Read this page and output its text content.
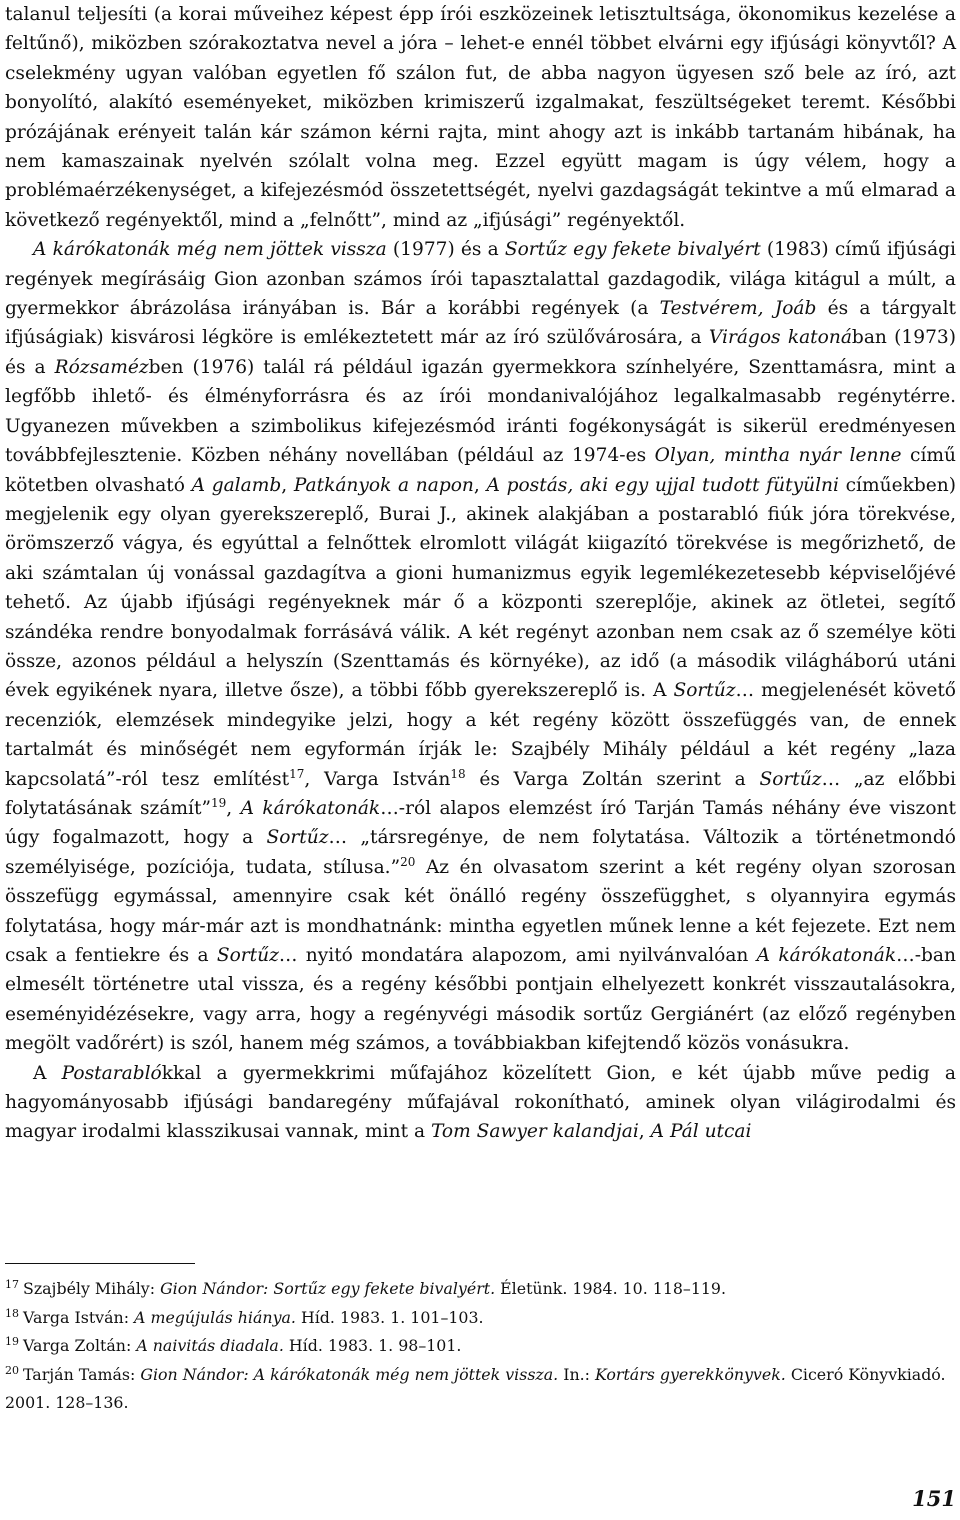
talanul teljesíti (a korai műveihez képest épp írói eszközeinek letisztultsága, ökonomikus kezelése a feltűnő), miközben szórakoztatva nevel a jóra – lehet-e ennél többet elvárni egy ifjúsági könyvtől? A cselekmény ugyan valóban egyetlen fő szálon fut, de abba nagyon ügyesen sző bele az író, azt bonyolító, alakító eseményeket, miközben krimiszerű izgalmakat, feszültségeket teremt. Későbbi prózájának erényeit talán kár számon kérni rajta, mint ahogy azt is inkább tartanám hibának, ha nem kamaszainak nyelvén szólalt volna meg. Ezzel együtt magam is úgy vélem, hogy a problémaérzékenységet, a kifejezésmód összetettségét, nyelvi gazdagságát tekintve a mű elmarad a következő regényektől, mind a „felnőtt”, mind az „ifjúsági” regényektől.

A kárókatonák még nem jöttek vissza (1977) és a Sortűz egy fekete bivalyért (1983) című ifjúsági regények megírásáig Gion azonban számos írói tapasztalattal gazdagodik, világa kitágul a múlt, a gyermekkor ábrázolása irányában is. Bár a korábbi regények (a Testvérem, Joáb és a tárgyalt ifjúságiak) kisvárosi légköre is emlékeztetett már az író szülővárosára, a Virágos katonában (1973) és a Rózsamézben (1976) talál rá például igazán gyermekkora színhelyére, Szenttamásra, mint a legfőbb ihlető- és élményforrásra és az írói mondanivalójához legalkalmasabb regénytérre. Ugyanezen művekben a szimbolikus kifejezésmód iránti fogékonyságát is sikerül eredményesen továbbfejlesztenie. Közben néhány novellában (például az 1974-es Olyan, mintha nyár lenne című kötetben olvasható A galamb, Patkányok a napon, A postás, aki egy ujjal tudott fütyülni címűekben) megjelenik egy olyan gyerekszereplő, Burai J., akinek alakjában a postarabló fiúk jóra törekvése, örömszerző vágya, és egyúttal a felnőttek elromlott világát kiigazító törekvése is megőrizhető, de aki számtalan új vonással gazdagítva a gioni humanizmus egyik legemlékezetesebb képviselőjévé tehető. Az újabb ifjúsági regényeknek már ő a központi szereplője, akinek az ötletei, segítő szándéka rendre bonyodalmak forrásává válik. A két regényt azonban nem csak az ő személye köti össze, azonos például a helyszín (Szenttamás és környéke), az idő (a második világháború utáni évek egyikének nyara, illetve ősze), a többi főbb gyerekszereplő is. A Sortűz… megjelenését követő recenziók, elemzések mindegyike jelzi, hogy a két regény között összefüggés van, de ennek tartalmát és minőségét nem egyformán írják le: Szajbély Mihály például a két regény „laza kapcsolatá”-ról tesz említést$^{17}$, Varga István$^{18}$ és Varga Zoltán szerint a Sortűz… „az előbbi folytatásának számít”$^{19}$, A kárókatonák…-ról alapos elemzést író Tarján Tamás néhány éve viszont úgy fogalmazott, hogy a Sortűz… „társregénye, de nem folytatása. Változik a történetmondó személyisége, pozíciója, tudata, stílusa.”$^{20}$ Az én olvasatom szerint a két regény olyan szorosan összefügg egymással, amennyire csak két önálló regény összefügghet, s olyannyira egymás folytatása, hogy már-már azt is mondhatnánk: mintha egyetlen műnek lenne a két fejezete. Ezt nem csak a fentiekre és a Sortűz… nyitó mondatára alapozom, ami nyilvánvalóan A kárókatonák…-ban elmesélt történetre utal vissza, és a regény későbbi pontjain elhelyezett konkrét visszautalásokra, eseményidézésekre, vagy arra, hogy a regényvégi második sortűz Gergiánért (az előző regényben megölt vadőrért) is szól, hanem még számos, a továbbiakban kifejtendő közös vonásukra.

A Postarablókkal a gyermekkrimi műfajához közelített Gion, e két újabb műve pedig a hagyományosabb ifjúsági bandaregény műfajával rokonítható, aminek olyan világirodalmi és magyar irodalmi klasszikusai vannak, mint a Tom Sawyer kalandjai, A Pál utcai

$^{17}$ Szajbély Mihály: Gion Nándor: Sortűz egy fekete bivalyért. Életünk. 1984. 10. 118–119.

$^{18}$ Varga István: A megújulás hiánya. Híd. 1983. 1. 101–103.

$^{19}$ Varga Zoltán: A naivitás diadala. Híd. 1983. 1. 98–101.

$^{20}$ Tarján Tamás: Gion Nándor: A kárókatonák még nem jöttek vissza. In.: Kortárs gyerekkönyvek. Ciceró Könyvkiadó. 2001. 128–136.

151
